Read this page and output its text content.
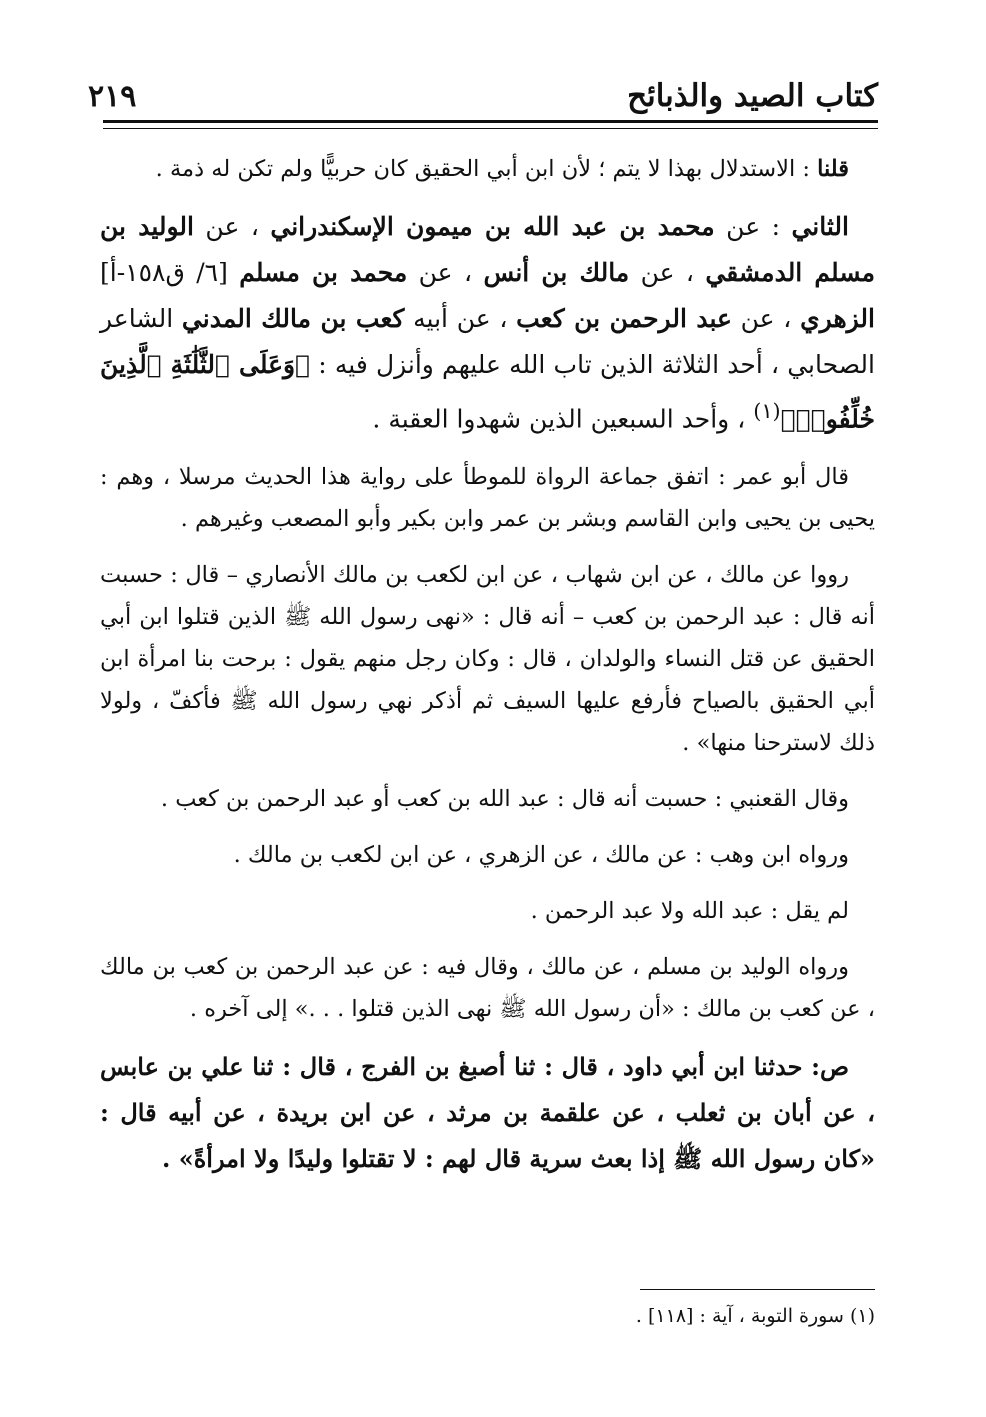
كتاب الصيد والذبائح
٢١٩

قلنا : الاستدلال بهذا لا يتم ؛ لأن ابن أبي الحقيق كان حربيًّا ولم تكن له ذمة .

الثاني : عن محمد بن عبد الله بن ميمون الإسكندراني ، عن الوليد بن مسلم الدمشقي ، عن مالك بن أنس ، عن محمد بن مسلم [٦/ ق١٥٨-أ] الزهري ، عن عبد الرحمن بن كعب ، عن أبيه كعب بن مالك المدني الشاعر الصحابي ، أحد الثلاثة الذين تاب الله عليهم وأنزل فيه : ﴿وَعَلَى ٱلثَّلَٰثَةِ ٱلَّذِينَ خُلِّفُوا۟﴾$^{(١)}$ ، وأحد السبعين الذين شهدوا العقبة .

قال أبو عمر : اتفق جماعة الرواة للموطأ على رواية هذا الحديث مرسلا ، وهم : يحيى بن يحيى وابن القاسم وبشر بن عمر وابن بكير وأبو المصعب وغيرهم .

رووا عن مالك ، عن ابن شهاب ، عن ابن لكعب بن مالك الأنصاري – قال : حسبت أنه قال : عبد الرحمن بن كعب – أنه قال : «نهى رسول الله ﷺ الذين قتلوا ابن أبي الحقيق عن قتل النساء والولدان ، قال : وكان رجل منهم يقول : برحت بنا امرأة ابن أبي الحقيق بالصياح فأرفع عليها السيف ثم أذكر نهي رسول الله ﷺ فأكفّ ، ولولا ذلك لاسترحنا منها» .

وقال القعنبي : حسبت أنه قال : عبد الله بن كعب أو عبد الرحمن بن كعب .

ورواه ابن وهب : عن مالك ، عن الزهري ، عن ابن لكعب بن مالك .

لم يقل : عبد الله ولا عبد الرحمن .

ورواه الوليد بن مسلم ، عن مالك ، وقال فيه : عن عبد الرحمن بن كعب بن مالك ، عن كعب بن مالك : «أن رسول الله ﷺ نهى الذين قتلوا . . .» إلى آخره .

ص: حدثنا ابن أبي داود ، قال : ثنا أصبغ بن الفرج ، قال : ثنا علي بن عابس ، عن أبان بن ثعلب ، عن علقمة بن مرثد ، عن ابن بريدة ، عن أبيه قال : «كان رسول الله ﷺ إذا بعث سرية قال لهم : لا تقتلوا وليدًا ولا امرأةً» .

(١) سورة التوبة ، آية : [١١٨] .
